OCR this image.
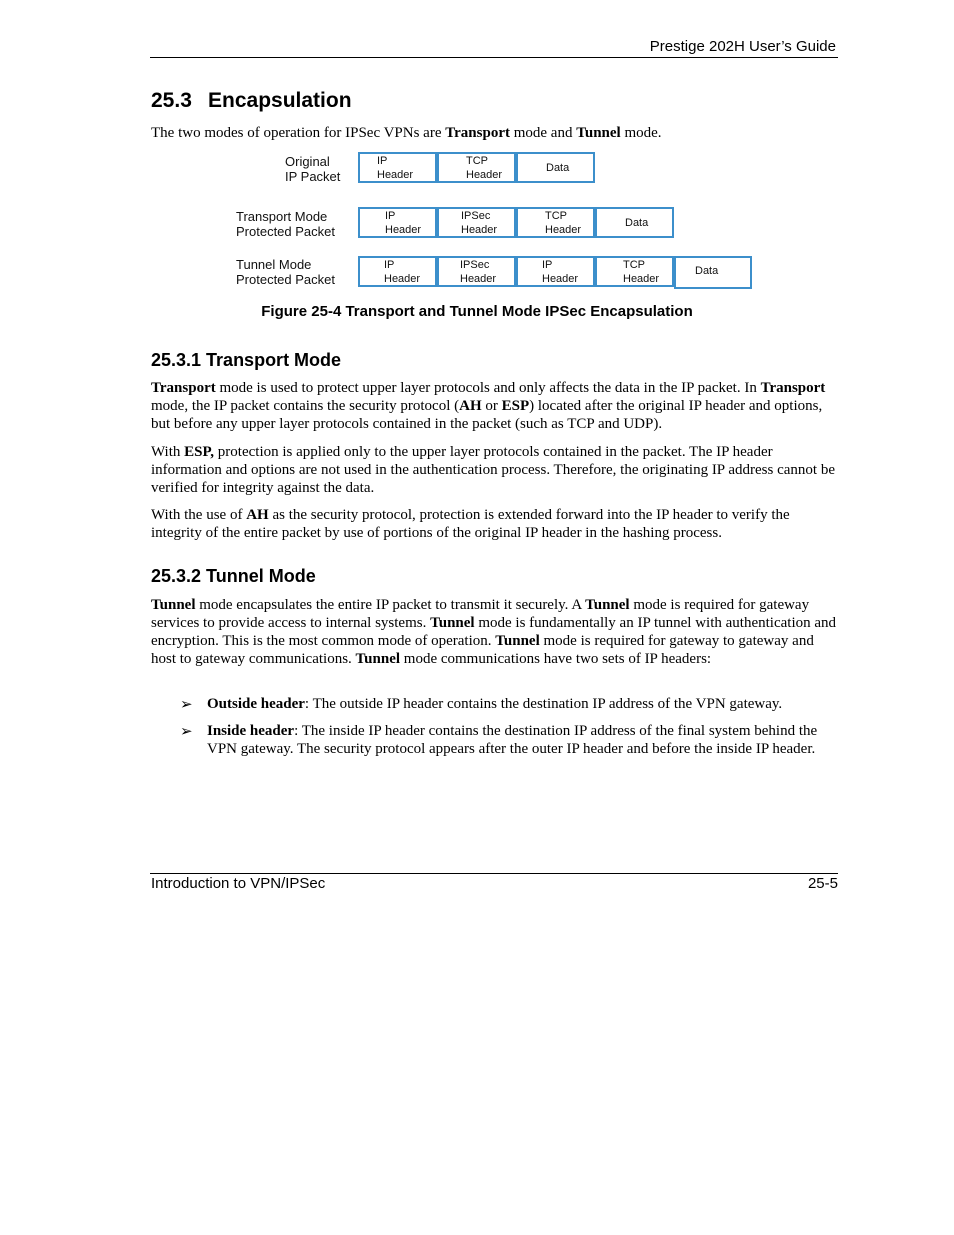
Prestige 202H User’s Guide
25.3 Encapsulation
The two modes of operation for IPSec VPNs are Transport mode and Tunnel mode.
Original
IP Packet
IP
Header
TCP
Header
Data
Transport Mode
Protected Packet
IP
Header
IPSec
Header
TCP
Header
Data
Tunnel Mode
Protected Packet
IP
Header
IPSec
Header
IP
Header
TCP
Header
Data
Figure 25-4 Transport and Tunnel Mode IPSec Encapsulation
25.3.1 Transport Mode
Transport mode is used to protect upper layer protocols and only affects the data in the IP packet. In Transport mode, the IP packet contains the security protocol (AH or ESP) located after the original IP header and options, but before any upper layer protocols contained in the packet (such as TCP and UDP).
With ESP, protection is applied only to the upper layer protocols contained in the packet. The IP header information and options are not used in the authentication process. Therefore, the originating IP address cannot be verified for integrity against the data.
With the use of AH as the security protocol, protection is extended forward into the IP header to verify the integrity of the entire packet by use of portions of the original IP header in the hashing process.
25.3.2 Tunnel Mode
Tunnel mode encapsulates the entire IP packet to transmit it securely. A Tunnel mode is required for gateway services to provide access to internal systems. Tunnel mode is fundamentally an IP tunnel with authentication and encryption. This is the most common mode of operation. Tunnel mode is required for gateway to gateway and host to gateway communications. Tunnel mode communications have two sets of IP headers:
➢ Outside header: The outside IP header contains the destination IP address of the VPN gateway.
➢ Inside header: The inside IP header contains the destination IP address of the final system behind the VPN gateway. The security protocol appears after the outer IP header and before the inside IP header.
Introduction to VPN/IPSec	25-5
